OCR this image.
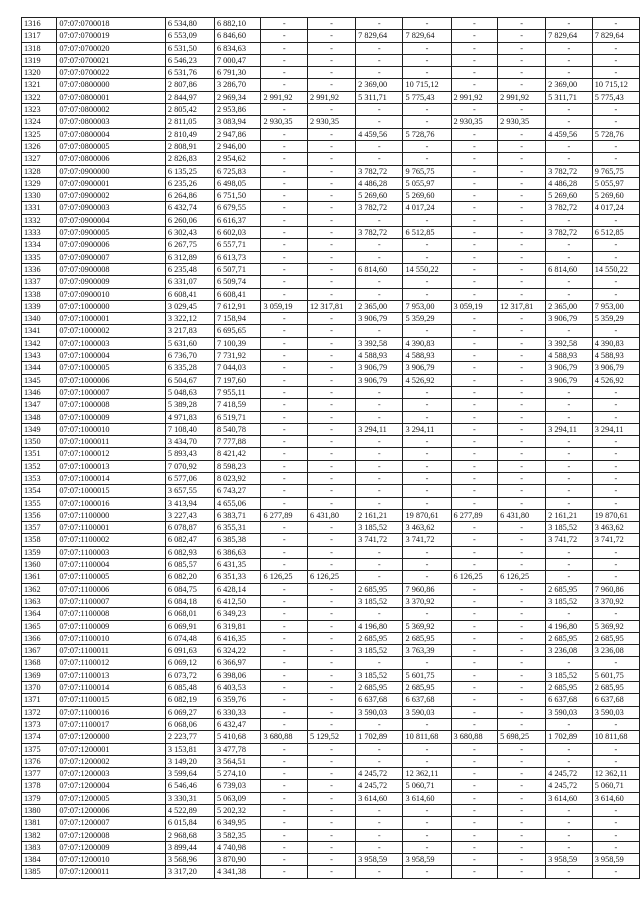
1316	07:07:0700018	6 534,80	6 882,10	-	-	-	-	-	-	-	-
1317	07:07:0700019	6 553,09	6 846,60	-	-	7 829,64	7 829,64	-	-	7 829,64	7 829,64
1318	07:07:0700020	6 531,50	6 834,63	-	-	-	-	-	-	-	-
1319	07:07:0700021	6 546,23	7 000,47	-	-	-	-	-	-	-	-
1320	07:07:0700022	6 531,76	6 791,30	-	-	-	-	-	-	-	-
1321	07:07:0800000	2 807,86	3 286,70	-	-	2 369,00	10 715,12	-	-	2 369,00	10 715,12
1322	07:07:0800001	2 844,97	2 969,34	2 991,92	2 991,92	5 311,71	5 775,43	2 991,92	2 991,92	5 311,71	5 775,43
1323	07:07:0800002	2 805,42	2 953,86	-	-	-	-	-	-	-	-
1324	07:07:0800003	2 811,05	3 083,94	2 930,35	2 930,35	-	-	2 930,35	2 930,35	-	-
1325	07:07:0800004	2 810,49	2 947,86	-	-	4 459,56	5 728,76	-	-	4 459,56	5 728,76
1326	07:07:0800005	2 808,91	2 946,00	-	-	-	-	-	-	-	-
1327	07:07:0800006	2 826,83	2 954,62	-	-	-	-	-	-	-	-
1328	07:07:0900000	6 135,25	6 725,83	-	-	3 782,72	9 765,75	-	-	3 782,72	9 765,75
1329	07:07:0900001	6 235,26	6 498,05	-	-	4 486,28	5 055,97	-	-	4 486,28	5 055,97
1330	07:07:0900002	6 264,86	6 751,50	-	-	5 269,60	5 269,60	-	-	5 269,60	5 269,60
1331	07:07:0900003	6 432,74	6 679,55	-	-	3 782,72	4 017,24	-	-	3 782,72	4 017,24
1332	07:07:0900004	6 260,06	6 616,37	-	-	-	-	-	-	-	-
1333	07:07:0900005	6 302,43	6 602,03	-	-	3 782,72	6 512,85	-	-	3 782,72	6 512,85
1334	07:07:0900006	6 267,75	6 557,71	-	-	-	-	-	-	-	-
1335	07:07:0900007	6 312,89	6 613,73	-	-	-	-	-	-	-	-
1336	07:07:0900008	6 235,48	6 507,71	-	-	6 814,60	14 550,22	-	-	6 814,60	14 550,22
1337	07:07:0900009	6 331,07	6 509,74	-	-	-	-	-	-	-	-
1338	07:07:0900010	6 608,41	6 608,41	-	-	-	-	-	-	-	-
1339	07:07:1000000	3 029,45	7 612,91	3 059,19	12 317,81	2 365,00	7 953,00	3 059,19	12 317,81	2 365,00	7 953,00
1340	07:07:1000001	3 322,12	7 158,94	-	-	3 906,79	5 359,29	-	-	3 906,79	5 359,29
1341	07:07:1000002	3 217,83	6 695,65	-	-	-	-	-	-	-	-
1342	07:07:1000003	5 631,60	7 100,39	-	-	3 392,58	4 390,83	-	-	3 392,58	4 390,83
1343	07:07:1000004	6 736,70	7 731,92	-	-	4 588,93	4 588,93	-	-	4 588,93	4 588,93
1344	07:07:1000005	6 335,28	7 044,03	-	-	3 906,79	3 906,79	-	-	3 906,79	3 906,79
1345	07:07:1000006	6 504,67	7 197,60	-	-	3 906,79	4 526,92	-	-	3 906,79	4 526,92
1346	07:07:1000007	5 048,63	7 955,11	-	-	-	-	-	-	-	-
1347	07:07:1000008	5 389,28	7 418,59	-	-	-	-	-	-	-	-
1348	07:07:1000009	4 971,83	6 519,71	-	-	-	-	-	-	-	-
1349	07:07:1000010	7 108,40	8 540,78	-	-	3 294,11	3 294,11	-	-	3 294,11	3 294,11
1350	07:07:1000011	3 434,70	7 777,88	-	-	-	-	-	-	-	-
1351	07:07:1000012	5 893,43	8 421,42	-	-	-	-	-	-	-	-
1352	07:07:1000013	7 070,92	8 598,23	-	-	-	-	-	-	-	-
1353	07:07:1000014	6 577,06	8 023,92	-	-	-	-	-	-	-	-
1354	07:07:1000015	3 657,55	6 743,27	-	-	-	-	-	-	-	-
1355	07:07:1000016	3 413,94	4 655,06	-	-	-	-	-	-	-	-
1356	07:07:1100000	3 227,43	6 383,71	6 277,89	6 431,80	2 161,21	19 870,61	6 277,89	6 431,80	2 161,21	19 870,61
1357	07:07:1100001	6 078,87	6 355,31	-	-	3 185,52	3 463,62	-	-	3 185,52	3 463,62
1358	07:07:1100002	6 082,47	6 385,38	-	-	3 741,72	3 741,72	-	-	3 741,72	3 741,72
1359	07:07:1100003	6 082,93	6 386,63	-	-	-	-	-	-	-	-
1360	07:07:1100004	6 085,57	6 431,35	-	-	-	-	-	-	-	-
1361	07:07:1100005	6 082,20	6 351,33	6 126,25	6 126,25	-	-	6 126,25	6 126,25	-	-
1362	07:07:1100006	6 084,75	6 428,14	-	-	2 685,95	7 960,86	-	-	2 685,95	7 960,86
1363	07:07:1100007	6 084,18	6 412,50	-	-	3 185,52	3 370,92	-	-	3 185,52	3 370,92
1364	07:07:1100008	6 068,01	6 349,23	-	-	-	-	-	-	-	-
1365	07:07:1100009	6 069,91	6 319,81	-	-	4 196,80	5 369,92	-	-	4 196,80	5 369,92
1366	07:07:1100010	6 074,48	6 416,35	-	-	2 685,95	2 685,95	-	-	2 685,95	2 685,95
1367	07:07:1100011	6 091,63	6 324,22	-	-	3 185,52	3 763,39	-	-	3 236,08	3 236,08
1368	07:07:1100012	6 069,12	6 366,97	-	-	-	-	-	-	-	-
1369	07:07:1100013	6 073,72	6 398,06	-	-	3 185,52	5 601,75	-	-	3 185,52	5 601,75
1370	07:07:1100014	6 085,48	6 403,53	-	-	2 685,95	2 685,95	-	-	2 685,95	2 685,95
1371	07:07:1100015	6 082,19	6 359,76	-	-	6 637,68	6 637,68	-	-	6 637,68	6 637,68
1372	07:07:1100016	6 069,27	6 330,33	-	-	3 590,03	3 590,03	-	-	3 590,03	3 590,03
1373	07:07:1100017	6 068,06	6 432,47	-	-	-	-	-	-	-	-
1374	07:07:1200000	2 223,77	5 410,68	3 680,88	5 129,52	1 702,89	10 811,68	3 680,88	5 698,25	1 702,89	10 811,68
1375	07:07:1200001	3 153,81	3 477,78	-	-	-	-	-	-	-	-
1376	07:07:1200002	3 149,20	3 564,51	-	-	-	-	-	-	-	-
1377	07:07:1200003	3 599,64	5 274,10	-	-	4 245,72	12 362,11	-	-	4 245,72	12 362,11
1378	07:07:1200004	6 546,46	6 739,03	-	-	4 245,72	5 060,71	-	-	4 245,72	5 060,71
1379	07:07:1200005	3 330,31	5 063,09	-	-	3 614,60	3 614,60	-	-	3 614,60	3 614,60
1380	07:07:1200006	4 522,89	5 202,32	-	-	-	-	-	-	-	-
1381	07:07:1200007	6 015,84	6 349,95	-	-	-	-	-	-	-	-
1382	07:07:1200008	2 968,68	3 582,35	-	-	-	-	-	-	-	-
1383	07:07:1200009	3 899,44	4 740,98	-	-	-	-	-	-	-	-
1384	07:07:1200010	3 568,96	3 870,90	-	-	3 958,59	3 958,59	-	-	3 958,59	3 958,59
1385	07:07:1200011	3 317,20	4 341,38	-	-	-	-	-	-	-	-
